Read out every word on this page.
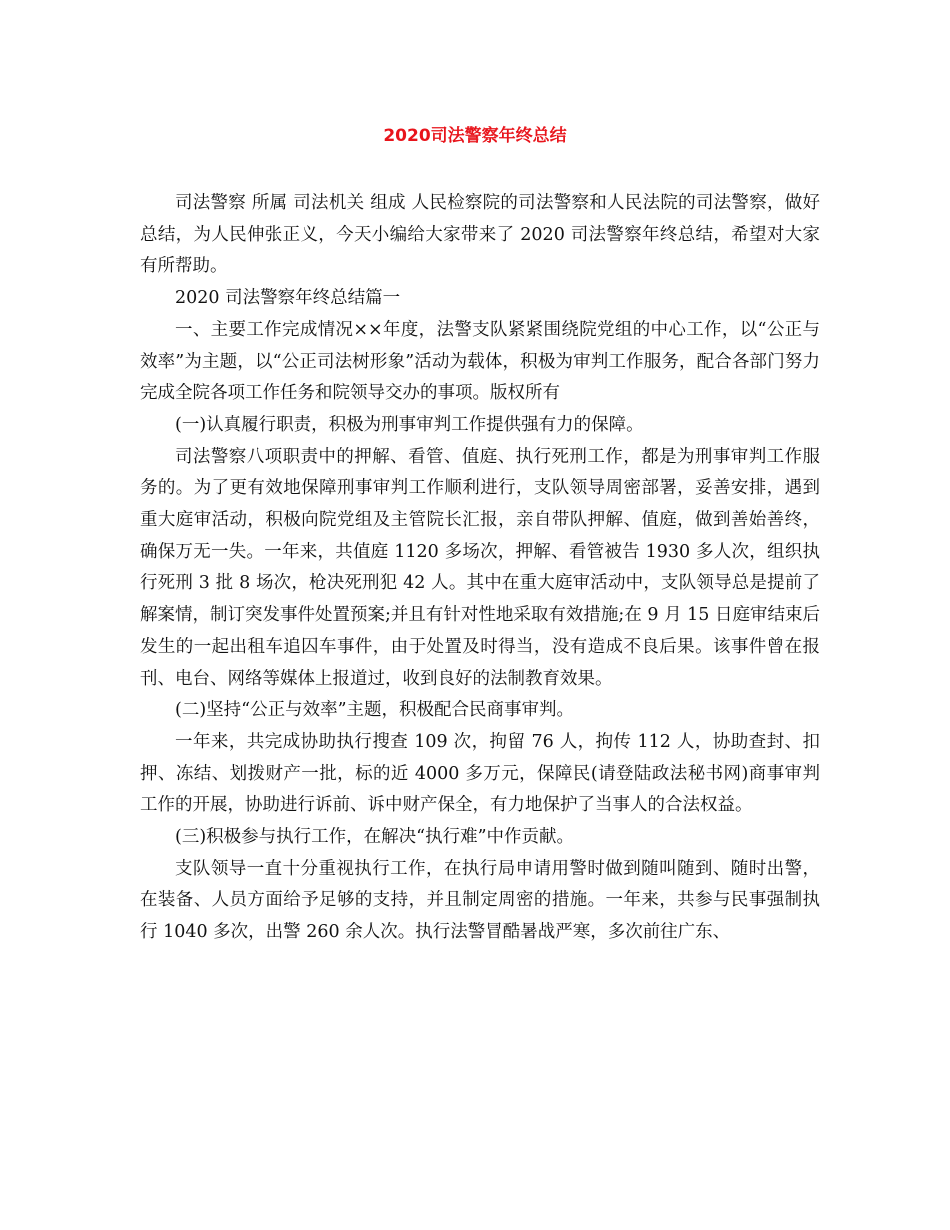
2020司法警察年终总结

司法警察 所属 司法机关 组成 人民检察院的司法警察和人民法院的司法警察，做好总结，为人民伸张正义，今天小编给大家带来了 2020 司法警察年终总结，希望对大家有所帮助。

2020 司法警察年终总结篇一

一、主要工作完成情况××年度，法警支队紧紧围绕院党组的中心工作，以“公正与效率”为主题，以“公正司法树形象”活动为载体，积极为审判工作服务，配合各部门努力完成全院各项工作任务和院领导交办的事项。版权所有

(一)认真履行职责，积极为刑事审判工作提供强有力的保障。

司法警察八项职责中的押解、看管、值庭、执行死刑工作，都是为刑事审判工作服务的。为了更有效地保障刑事审判工作顺利进行，支队领导周密部署，妥善安排，遇到重大庭审活动，积极向院党组及主管院长汇报，亲自带队押解、值庭，做到善始善终，确保万无一失。一年来，共值庭 1120 多场次，押解、看管被告 1930 多人次，组织执行死刑 3 批 8 场次，枪决死刑犯 42 人。其中在重大庭审活动中，支队领导总是提前了解案情，制订突发事件处置预案;并且有针对性地采取有效措施;在 9 月 15 日庭审结束后发生的一起出租车追囚车事件，由于处置及时得当，没有造成不良后果。该事件曾在报刊、电台、网络等媒体上报道过，收到良好的法制教育效果。

(二)坚持“公正与效率”主题，积极配合民商事审判。

一年来，共完成协助执行搜查 109 次，拘留 76 人，拘传 112 人，协助查封、扣押、冻结、划拨财产一批，标的近 4000 多万元，保障民(请登陆政法秘书网)商事审判工作的开展，协助进行诉前、诉中财产保全，有力地保护了当事人的合法权益。

(三)积极参与执行工作，在解决“执行难”中作贡献。

支队领导一直十分重视执行工作，在执行局申请用警时做到随叫随到、随时出警，在装备、人员方面给予足够的支持，并且制定周密的措施。一年来，共参与民事强制执行 1040 多次，出警 260 余人次。执行法警冒酷暑战严寒，多次前往广东、
